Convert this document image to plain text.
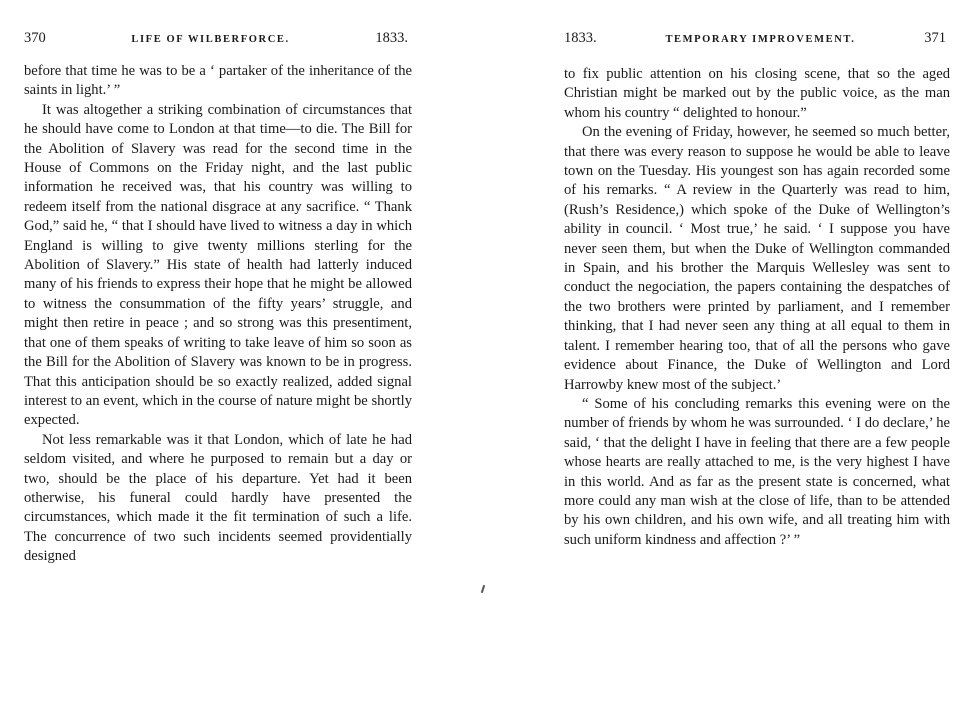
370	LIFE OF WILBERFORCE.	1833.

before that time he was to be a ‘ partaker of the inheritance of the saints in light.’ ”

It was altogether a striking combination of circumstances that he should have come to London at that time—to die. The Bill for the Abolition of Slavery was read for the second time in the House of Commons on the Friday night, and the last public information he received was, that his country was willing to redeem itself from the national disgrace at any sacrifice. “ Thank God,” said he, “ that I should have lived to witness a day in which England is willing to give twenty millions sterling for the Abolition of Slavery.” His state of health had latterly induced many of his friends to express their hope that he might be allowed to witness the consummation of the fifty years’ struggle, and might then retire in peace ; and so strong was this presentiment, that one of them speaks of writing to take leave of him so soon as the Bill for the Abolition of Slavery was known to be in progress. That this anticipation should be so exactly realized, added signal interest to an event, which in the course of nature might be shortly expected.

Not less remarkable was it that London, which of late he had seldom visited, and where he purposed to remain but a day or two, should be the place of his departure. Yet had it been otherwise, his funeral could hardly have presented the circumstances, which made it the fit termination of such a life. The concurrence of two such incidents seemed providentially designed

1833.	TEMPORARY IMPROVEMENT.	371

to fix public attention on his closing scene, that so the aged Christian might be marked out by the public voice, as the man whom his country “ delighted to honour.”

On the evening of Friday, however, he seemed so much better, that there was every reason to suppose he would be able to leave town on the Tuesday. His youngest son has again recorded some of his remarks. “ A review in the Quarterly was read to him, (Rush’s Residence,) which spoke of the Duke of Wellington’s ability in council. ‘ Most true,’ he said. ‘ I suppose you have never seen them, but when the Duke of Wellington commanded in Spain, and his brother the Marquis Wellesley was sent to conduct the negociation, the papers containing the despatches of the two brothers were printed by parliament, and I remember thinking, that I had never seen any thing at all equal to them in talent. I remember hearing too, that of all the persons who gave evidence about Finance, the Duke of Wellington and Lord Harrowby knew most of the subject.’

“ Some of his concluding remarks this evening were on the number of friends by whom he was surrounded. ‘ I do declare,’ he said, ‘ that the delight I have in feeling that there are a few people whose hearts are really attached to me, is the very highest I have in this world. And as far as the present state is concerned, what more could any man wish at the close of life, than to be attended by his own children, and his own wife, and all treating him with such uniform kindness and affection ?’ ”
